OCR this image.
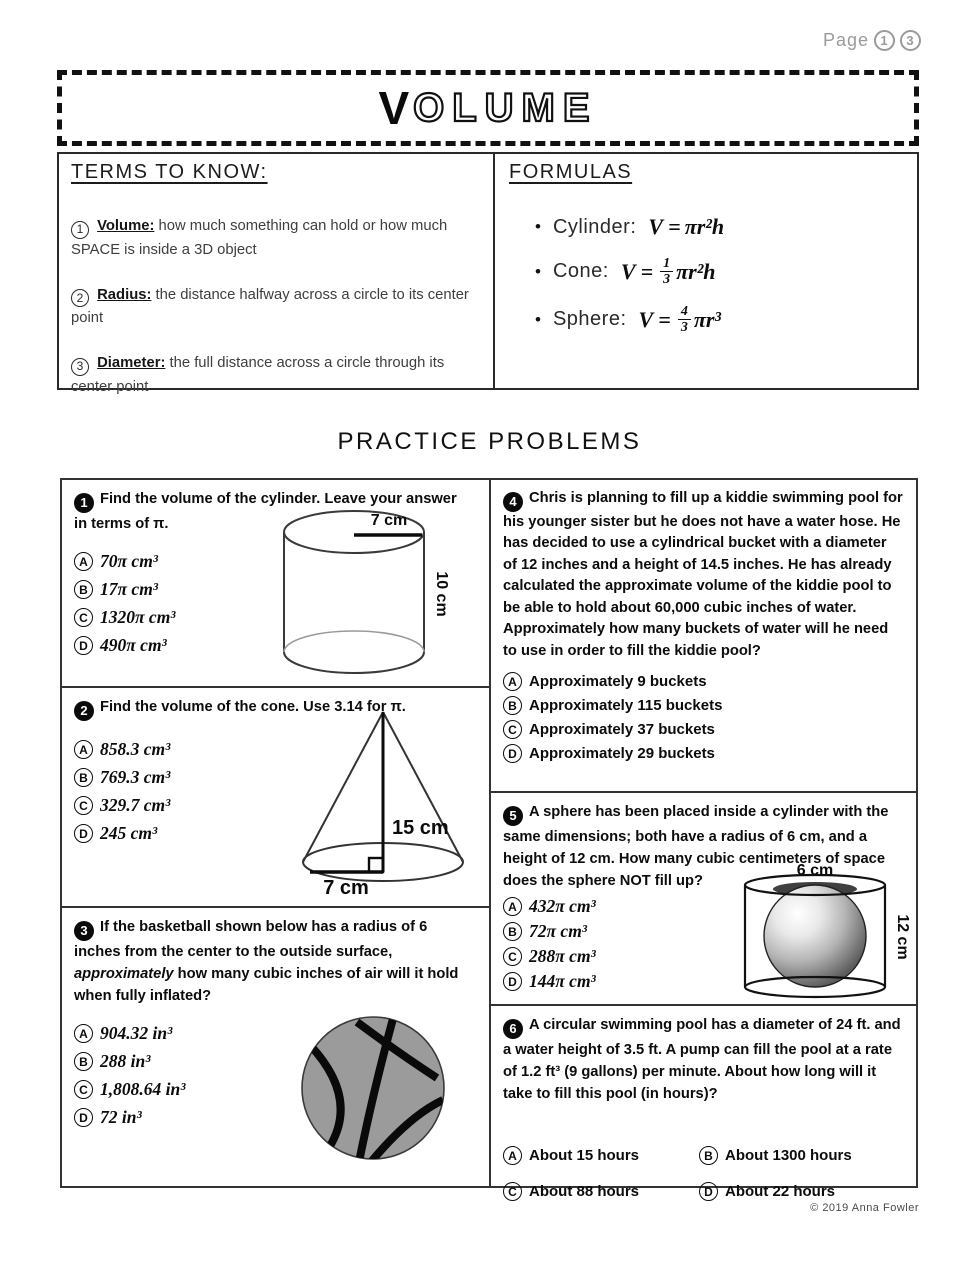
Page 1	3
V OLUME
TERMS TO KNOW:

1 Volume: how much something can hold or how much SPACE is inside a 3D object

2 Radius: the distance halfway across a circle to its center point

3 Diameter: the full distance across a circle through its center point

FORMULAS
• Cylinder: V = πr²h
• Cone: $V = \frac{1}{3} \pi r^2h$
• Sphere: $V = \frac{4}{3} \pi r^3$
PRACTICE PROBLEMS
1 Find the volume of the cylinder. Leave your answer in terms of π.
A 70π cm³
B 17π cm³
C 1320π cm³
D 490π cm³
7 cm
10 cm
2 Find the volume of the cone. Use 3.14 for π.
A 858.3 cm³
B 769.3 cm³
C 329.7 cm³
D 245 cm³	15 cm
7 cm
3 If the basketball shown below has a radius of 6 inches from the center to the outside surface, approximately how many cubic inches of air will it hold when fully inflated?
A 904.32 in³
B 288 in³
C 1,808.64 in³
D 72 in³
4 Chris is planning to fill up a kiddie swimming pool for his younger sister but he does not have a water hose. He has decided to use a cylindrical bucket with a diameter of 12 inches and a height of 14.5 inches. He has already calculated the approximate volume of the kiddie pool to be able to hold about 60,000 cubic inches of water. Approximately how many buckets of water will he need to use in order to fill the kiddie pool?
A Approximately 9 buckets
B Approximately 115 buckets
C Approximately 37 buckets
D Approximately 29 buckets
5 A sphere has been placed inside a cylinder with the same dimensions; both have a radius of 6 cm, and a height of 12 cm. How many cubic centimeters of space does the sphere NOT fill up?
A 432π cm³
B 72π cm³
C 288π cm³
D 144π cm³
6 cm
12 cm
6 A circular swimming pool has a diameter of 24 ft. and a water height of 3.5 ft. A pump can fill the pool at a rate of 1.2 ft³ (9 gallons) per minute. About how long will it take to fill this pool (in hours)?
A About 15 hours	B About 1300 hours
C About 88 hours	D About 22 hours
© 2019 Anna Fowler
